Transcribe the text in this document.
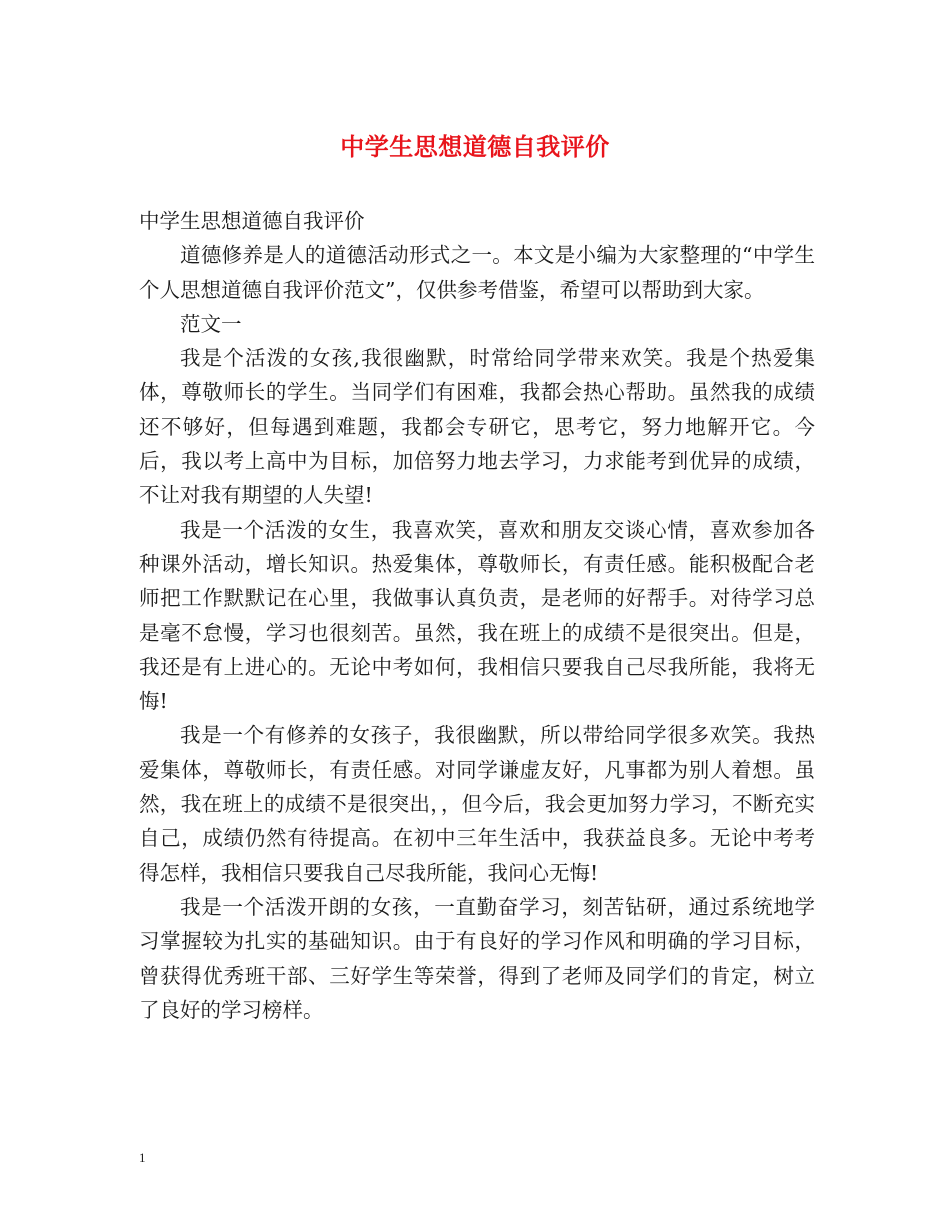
中学生思想道德自我评价

中学生思想道德自我评价

道德修养是人的道德活动形式之一。本文是小编为大家整理的“中学生个人思想道德自我评价范文”，仅供参考借鉴，希望可以帮助到大家。

范文一

我是个活泼的女孩,我很幽默，时常给同学带来欢笑。我是个热爱集体，尊敬师长的学生。当同学们有困难，我都会热心帮助。虽然我的成绩还不够好，但每遇到难题，我都会专研它，思考它，努力地解开它。今后，我以考上高中为目标，加倍努力地去学习，力求能考到优异的成绩，不让对我有期望的人失望!

我是一个活泼的女生，我喜欢笑，喜欢和朋友交谈心情，喜欢参加各种课外活动，增长知识。热爱集体，尊敬师长，有责任感。能积极配合老师把工作默默记在心里，我做事认真负责，是老师的好帮手。对待学习总是毫不怠慢，学习也很刻苦。虽然，我在班上的成绩不是很突出。但是，我还是有上进心的。无论中考如何，我相信只要我自己尽我所能，我将无悔!

我是一个有修养的女孩子，我很幽默，所以带给同学很多欢笑。我热爱集体，尊敬师长，有责任感。对同学谦虚友好，凡事都为别人着想。虽然，我在班上的成绩不是很突出，，但今后，我会更加努力学习，不断充实自己，成绩仍然有待提高。在初中三年生活中，我获益良多。无论中考考得怎样，我相信只要我自己尽我所能，我问心无悔!

我是一个活泼开朗的女孩，一直勤奋学习，刻苦钻研，通过系统地学习掌握较为扎实的基础知识。由于有良好的学习作风和明确的学习目标，曾获得优秀班干部、三好学生等荣誉，得到了老师及同学们的肯定，树立了良好的学习榜样。

1
